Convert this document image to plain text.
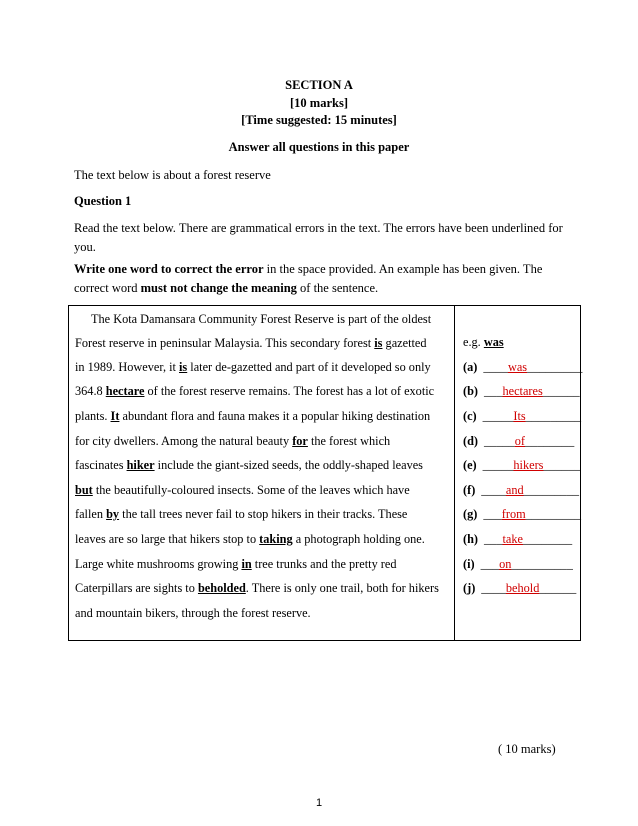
SECTION A
[10 marks]
[Time suggested: 15 minutes]
Answer all questions in this paper
The text below is about a forest reserve
Question 1
Read the text below. There are grammatical errors in the text. The errors have been underlined for you.
Write one word to correct the error in the space provided. An example has been given. The correct word must not change the meaning of the sentence.
The Kota Damansara Community Forest Reserve is part of the oldest
Forest reserve in peninsular Malaysia. This secondary forest is gazetted
in 1989. However, it is later de-gazetted and part of it developed so only
364.8 hectare of the forest reserve remains. The forest has a lot of exotic
plants. It abundant flora and fauna makes it a popular hiking destination
for city dwellers. Among the natural beauty for the forest which
fascinates hiker include the giant-sized seeds, the oddly-shaped leaves
but the beautifully-coloured insects. Some of the leaves which have
fallen by the tall trees never fail to stop hikers in their tracks. These
leaves are so large that hikers stop to taking a photograph holding one.
Large white mushrooms growing in tree trunks and the pretty red
Caterpillars are sights to beholded. There is only one trail, both for hikers
and mountain bikers, through the forest reserve.

e.g. was
(a) ____was_________
(b) ___hectares______
(c) _____Its_________
(d) _____of________
(e) _____hikers______
(f) ____and_________
(g) ___from_________
(h) ___take________
(i) ___on__________
(j) ____behold______
( 10 marks)
1
